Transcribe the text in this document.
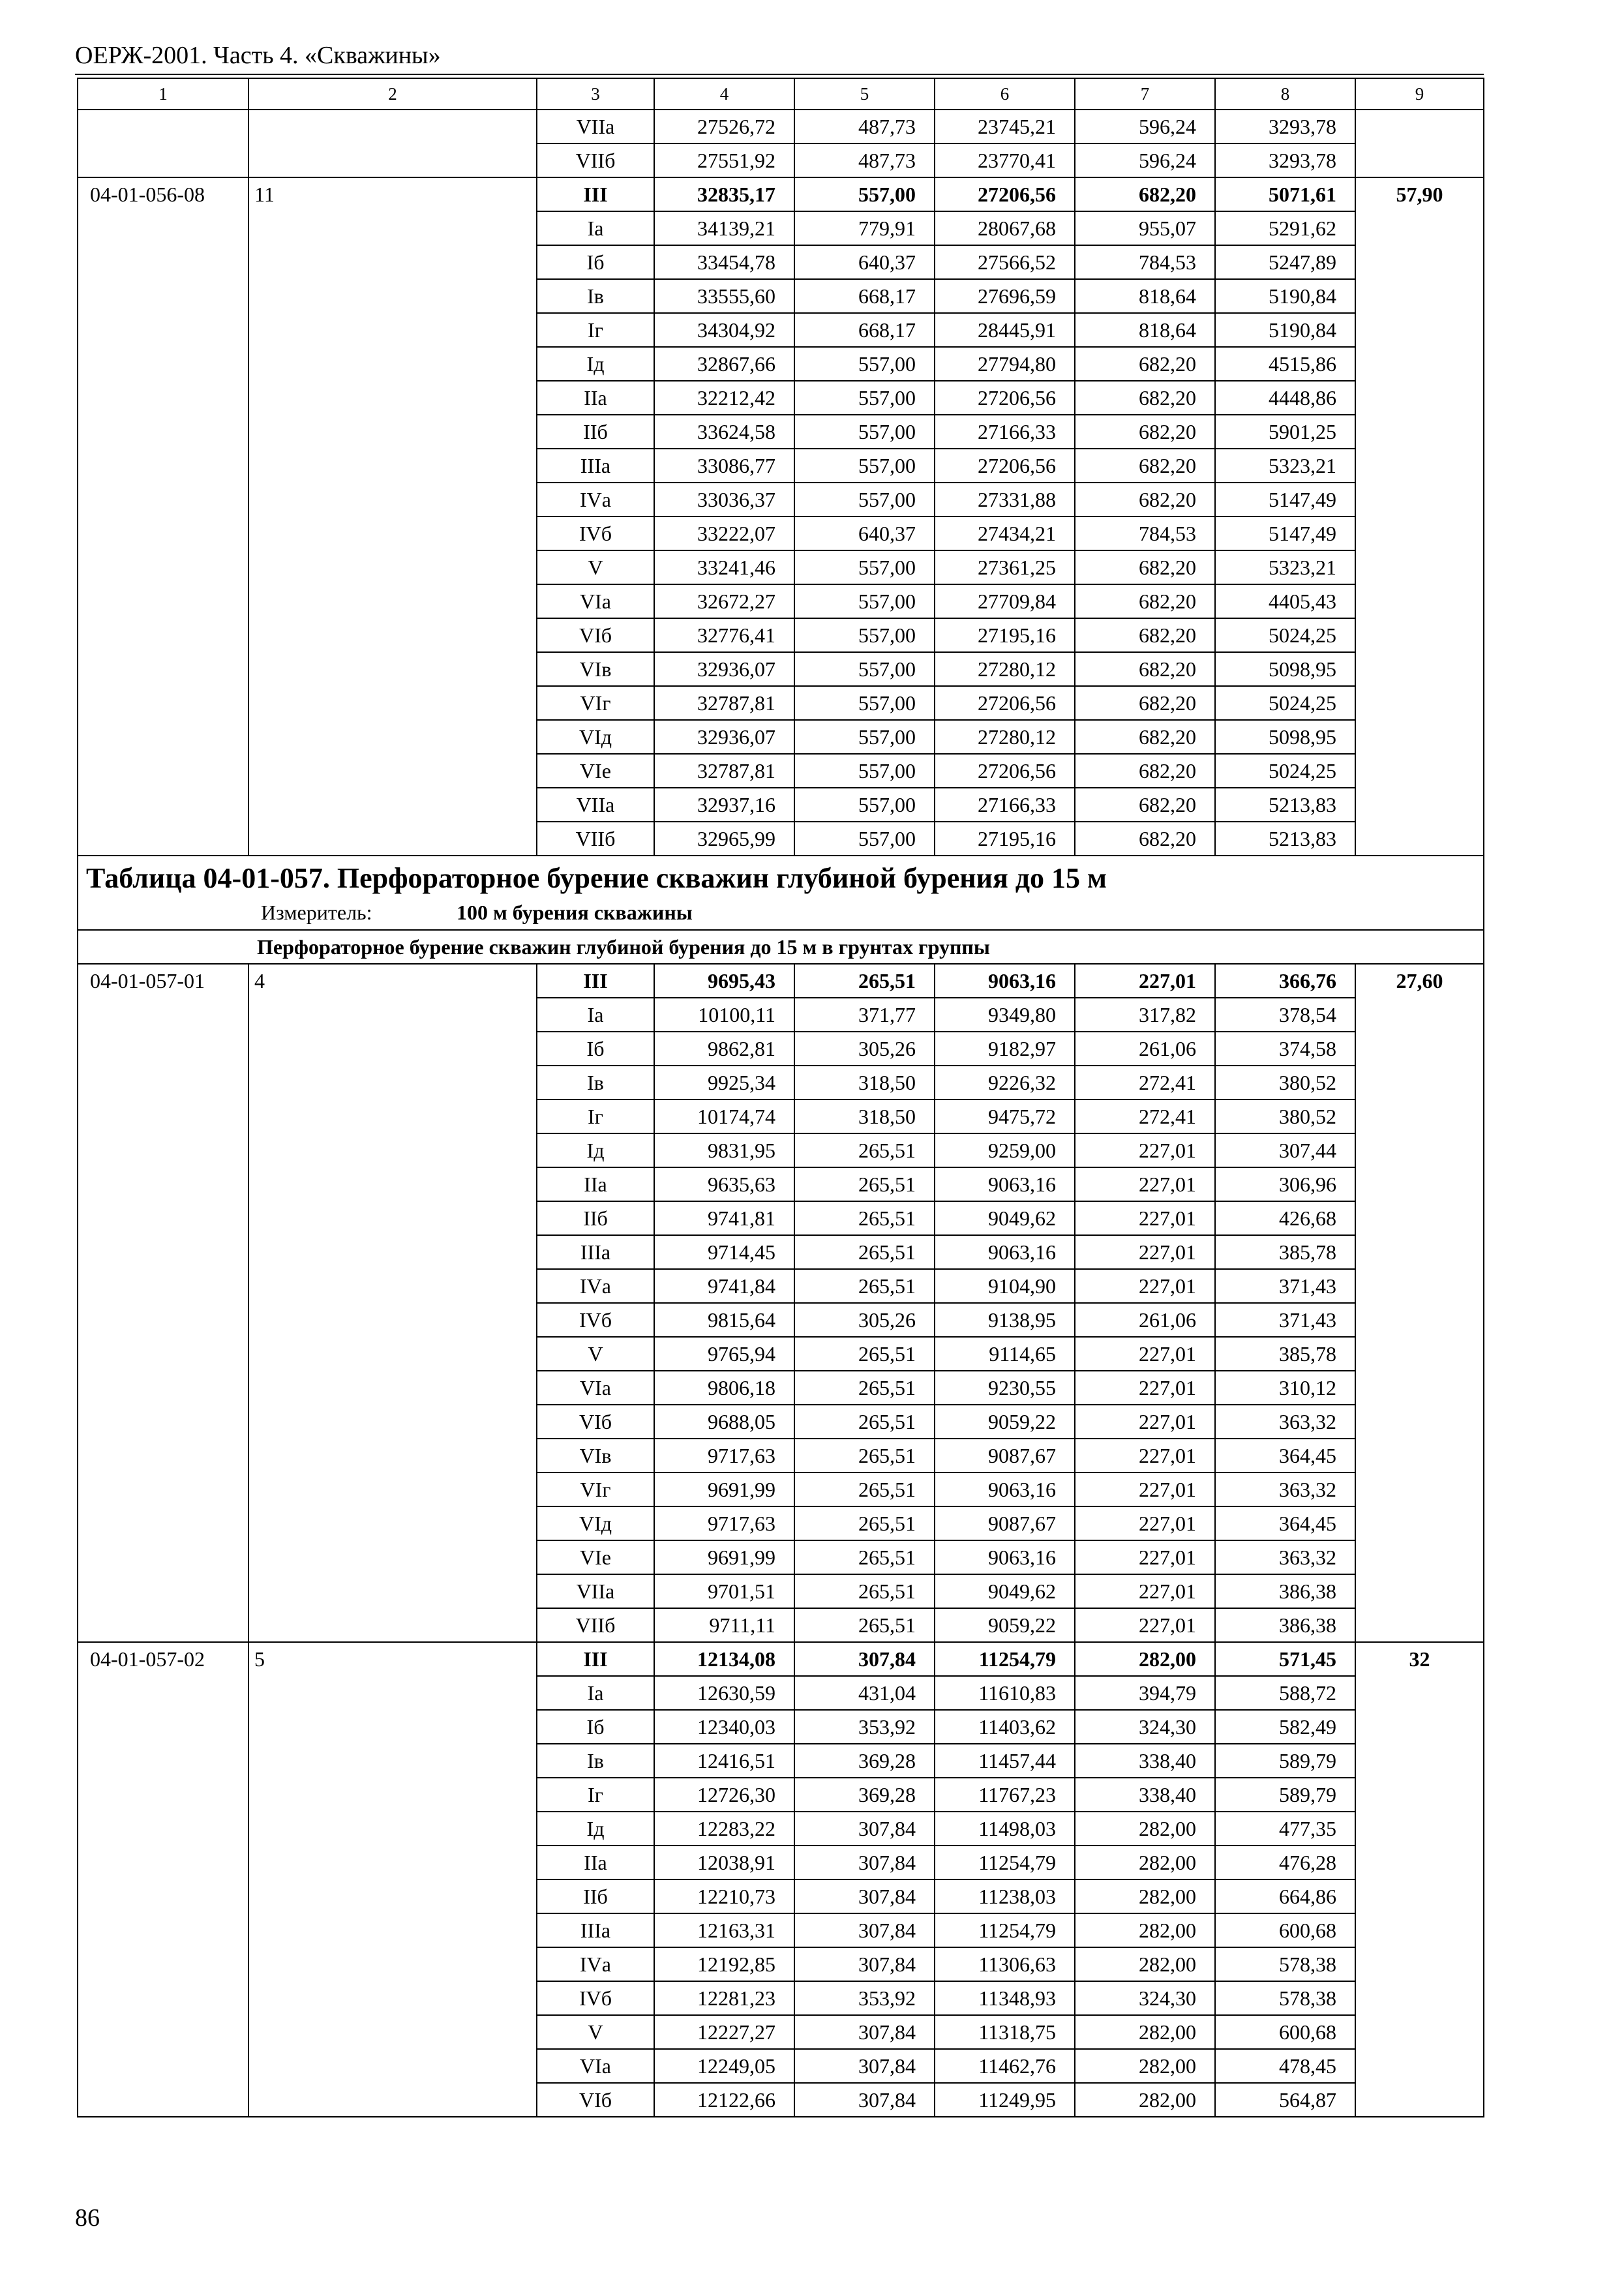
ОЕРЖ-2001. Часть 4. «Скважины»
1	2	3	4	5	6	7	8	9
		VIIа	27526,72	487,73	23745,21	596,24	3293,78	
		VIIб	27551,92	487,73	23770,41	596,24	3293,78	
04-01-056-08	11	III	32835,17	557,00	27206,56	682,20	5071,61	57,90
		Iа	34139,21	779,91	28067,68	955,07	5291,62	
		Iб	33454,78	640,37	27566,52	784,53	5247,89	
		Iв	33555,60	668,17	27696,59	818,64	5190,84	
		Iг	34304,92	668,17	28445,91	818,64	5190,84	
		Iд	32867,66	557,00	27794,80	682,20	4515,86	
		IIа	32212,42	557,00	27206,56	682,20	4448,86	
		IIб	33624,58	557,00	27166,33	682,20	5901,25	
		IIIа	33086,77	557,00	27206,56	682,20	5323,21	
		IVа	33036,37	557,00	27331,88	682,20	5147,49	
		IVб	33222,07	640,37	27434,21	784,53	5147,49	
		V	33241,46	557,00	27361,25	682,20	5323,21	
		VIа	32672,27	557,00	27709,84	682,20	4405,43	
		VIб	32776,41	557,00	27195,16	682,20	5024,25	
		VIв	32936,07	557,00	27280,12	682,20	5098,95	
		VIг	32787,81	557,00	27206,56	682,20	5024,25	
		VIд	32936,07	557,00	27280,12	682,20	5098,95	
		VIе	32787,81	557,00	27206,56	682,20	5024,25	
		VIIа	32937,16	557,00	27166,33	682,20	5213,83	
		VIIб	32965,99	557,00	27195,16	682,20	5213,83	

Таблица 04-01-057. Перфораторное бурение скважин глубиной бурения до 15 м
Измеритель: 100 м бурения скважины								

Перфораторное бурение скважин глубиной бурения до 15 м в грунтах группы								
04-01-057-01	4	III	9695,43	265,51	9063,16	227,01	366,76	27,60
		Iа	10100,11	371,77	9349,80	317,82	378,54	
		Iб	9862,81	305,26	9182,97	261,06	374,58	
		Iв	9925,34	318,50	9226,32	272,41	380,52	
		Iг	10174,74	318,50	9475,72	272,41	380,52	
		Iд	9831,95	265,51	9259,00	227,01	307,44	
		IIа	9635,63	265,51	9063,16	227,01	306,96	
		IIб	9741,81	265,51	9049,62	227,01	426,68	
		IIIа	9714,45	265,51	9063,16	227,01	385,78	
		IVа	9741,84	265,51	9104,90	227,01	371,43	
		IVб	9815,64	305,26	9138,95	261,06	371,43	
		V	9765,94	265,51	9114,65	227,01	385,78	
		VIа	9806,18	265,51	9230,55	227,01	310,12	
		VIб	9688,05	265,51	9059,22	227,01	363,32	
		VIв	9717,63	265,51	9087,67	227,01	364,45	
		VIг	9691,99	265,51	9063,16	227,01	363,32	
		VIд	9717,63	265,51	9087,67	227,01	364,45	
		VIе	9691,99	265,51	9063,16	227,01	363,32	
		VIIа	9701,51	265,51	9049,62	227,01	386,38	
		VIIб	9711,11	265,51	9059,22	227,01	386,38	
04-01-057-02	5	III	12134,08	307,84	11254,79	282,00	571,45	32
		Iа	12630,59	431,04	11610,83	394,79	588,72	
		Iб	12340,03	353,92	11403,62	324,30	582,49	
		Iв	12416,51	369,28	11457,44	338,40	589,79	
		Iг	12726,30	369,28	11767,23	338,40	589,79	
		Iд	12283,22	307,84	11498,03	282,00	477,35	
		IIа	12038,91	307,84	11254,79	282,00	476,28	
		IIб	12210,73	307,84	11238,03	282,00	664,86	
		IIIа	12163,31	307,84	11254,79	282,00	600,68	
		IVа	12192,85	307,84	11306,63	282,00	578,38	
		IVб	12281,23	353,92	11348,93	324,30	578,38	
		V	12227,27	307,84	11318,75	282,00	600,68	
		VIа	12249,05	307,84	11462,76	282,00	478,45	
		VIб	12122,66	307,84	11249,95	282,00	564,87	
86
